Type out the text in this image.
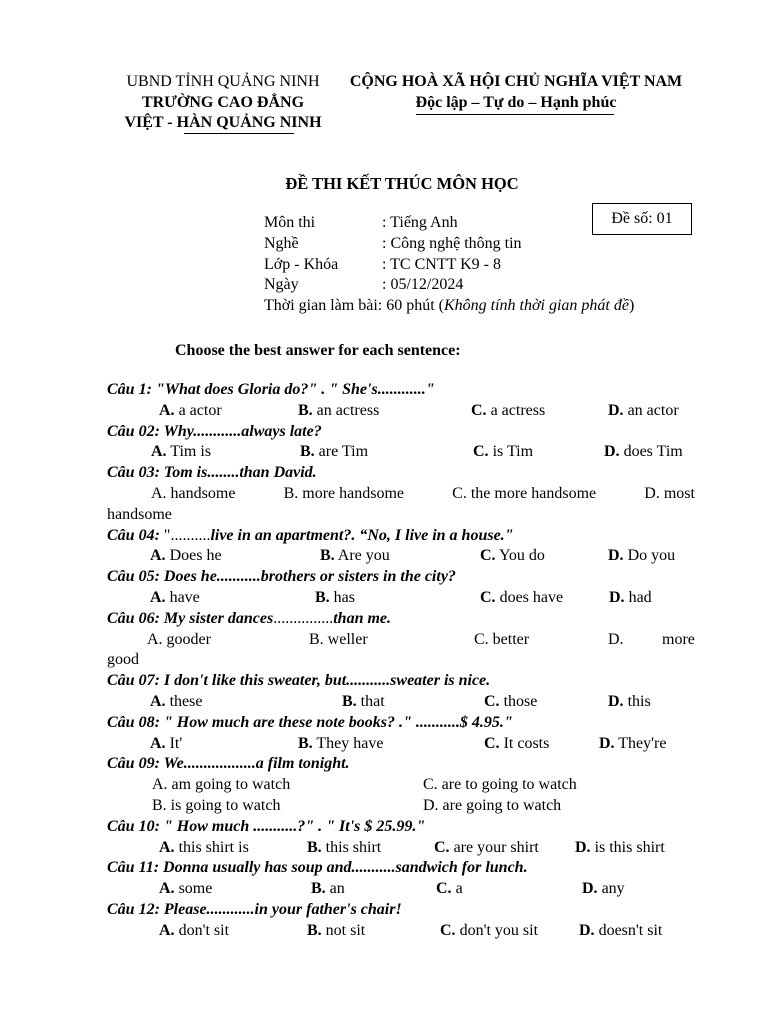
UBND TỈNH QUẢNG NINH
TRƯỜNG CAO ĐẲNG
VIỆT - HÀN QUẢNG NINH
CỘNG HOÀ XÃ HỘI CHỦ NGHĨA VIỆT NAM
Độc lập – Tự do – Hạnh phúc
ĐỀ THI KẾT THÚC MÔN HỌC
Đề số: 01
Môn thi	: Tiếng Anh
Nghề	: Công nghệ thông tin
Lớp - Khóa	: TC CNTT K9 - 8
Ngày	: 05/12/2024
Thời gian làm bài: 60 phút (Không tính thời gian phát đề)
Choose the best answer for each sentence:
Câu 1: "What does Gloria do?" . " She's............"
A. a actor	B. an actress	C. a actress	D. an actor
Câu 02: Why............always late?
A. Tim is	B. are Tim	C. is Tim	D. does Tim
Câu 03: Tom is........than David.
A. handsome	B. more handsome	C. the more handsome	D. most
handsome
Câu 04: "..........live in an apartment?. “No, I live in a house."
A. Does he	B. Are you	C. You do	D. Do you
Câu 05: Does he...........brothers or sisters in the city?
A. have	B. has	C. does have	D. had
Câu 06: My sister dances...............than me.
A. gooder	B. weller	C. better	D. more
good
Câu 07: I don't like this sweater, but...........sweater is nice.
A. these	B. that	C. those	D. this
Câu 08: " How much are these note books? ." ...........$ 4.95."
A. It'	B. They have	C. It costs	D. They're
Câu 09: We..................a film tonight.
A. am going to watch	C. are to going to watch
B. is going to watch	D. are going to watch
Câu 10: " How much ...........?" . " It's $ 25.99."
A. this shirt is	B. this shirt	C. are your shirt D. is this shirt
Câu 11: Donna usually has soup and...........sandwich for lunch.
A. some	B. an	C. a	D. any
Câu 12: Please............in your father's chair!
A. don't sit	B. not sit	C. don't you sit	D. doesn't sit
